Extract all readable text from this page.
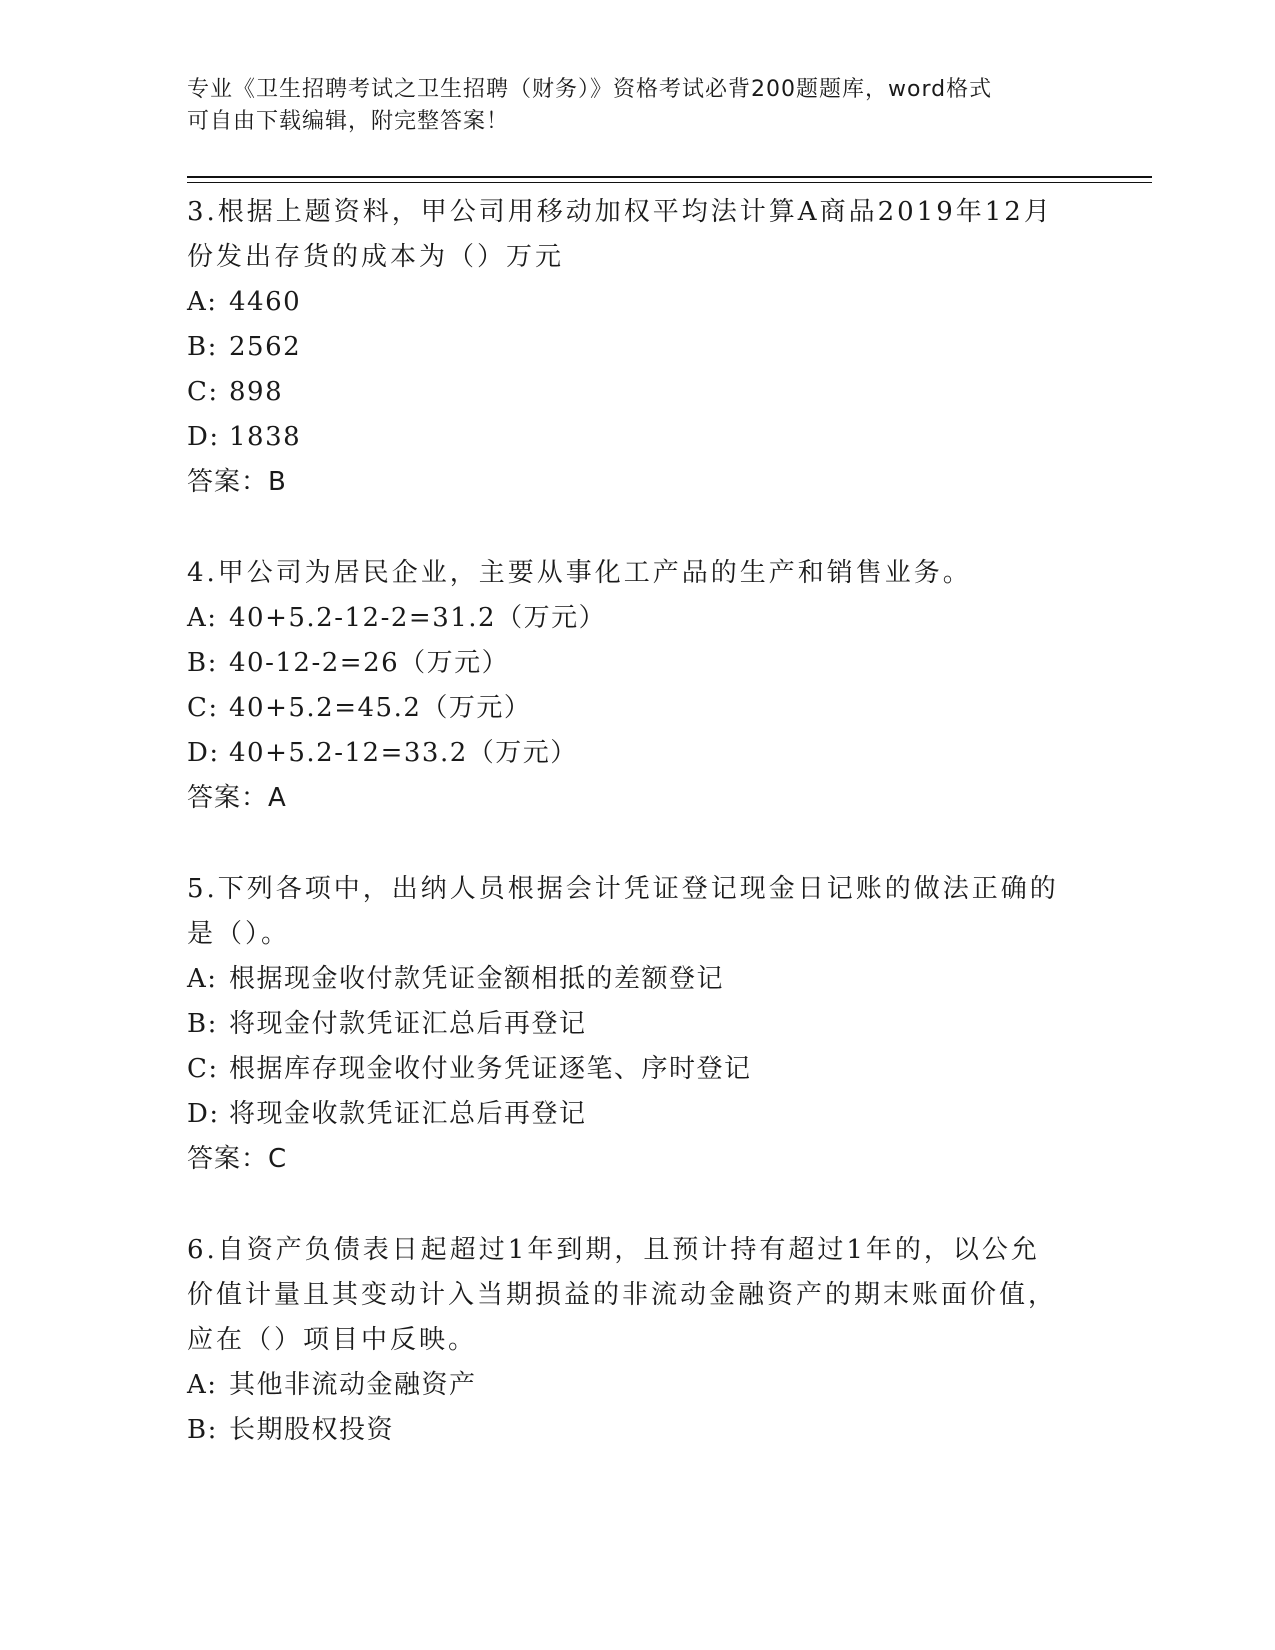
专业《卫生招聘考试之卫生招聘（财务）》资格考试必背200题题库，word格式
可自由下载编辑，附完整答案！

3.根据上题资料，甲公司用移动加权平均法计算A商品2019年12月

份发出存货的成本为（）万元

A: 4460

B: 2562

C: 898

D: 1838

答案：B

4.甲公司为居民企业，主要从事化工产品的生产和销售业务。

A: 40+5.2-12-2=31.2（万元）

B: 40-12-2=26（万元）

C: 40+5.2=45.2（万元）

D: 40+5.2-12=33.2（万元）

答案：A

5.下列各项中，出纳人员根据会计凭证登记现金日记账的做法正确的

是（）。

A: 根据现金收付款凭证金额相抵的差额登记

B: 将现金付款凭证汇总后再登记

C: 根据库存现金收付业务凭证逐笔、序时登记

D: 将现金收款凭证汇总后再登记

答案：C

6.自资产负债表日起超过1年到期，且预计持有超过1年的，以公允

价值计量且其变动计入当期损益的非流动金融资产的期末账面价值，

应在（）项目中反映。

A: 其他非流动金融资产

B: 长期股权投资
